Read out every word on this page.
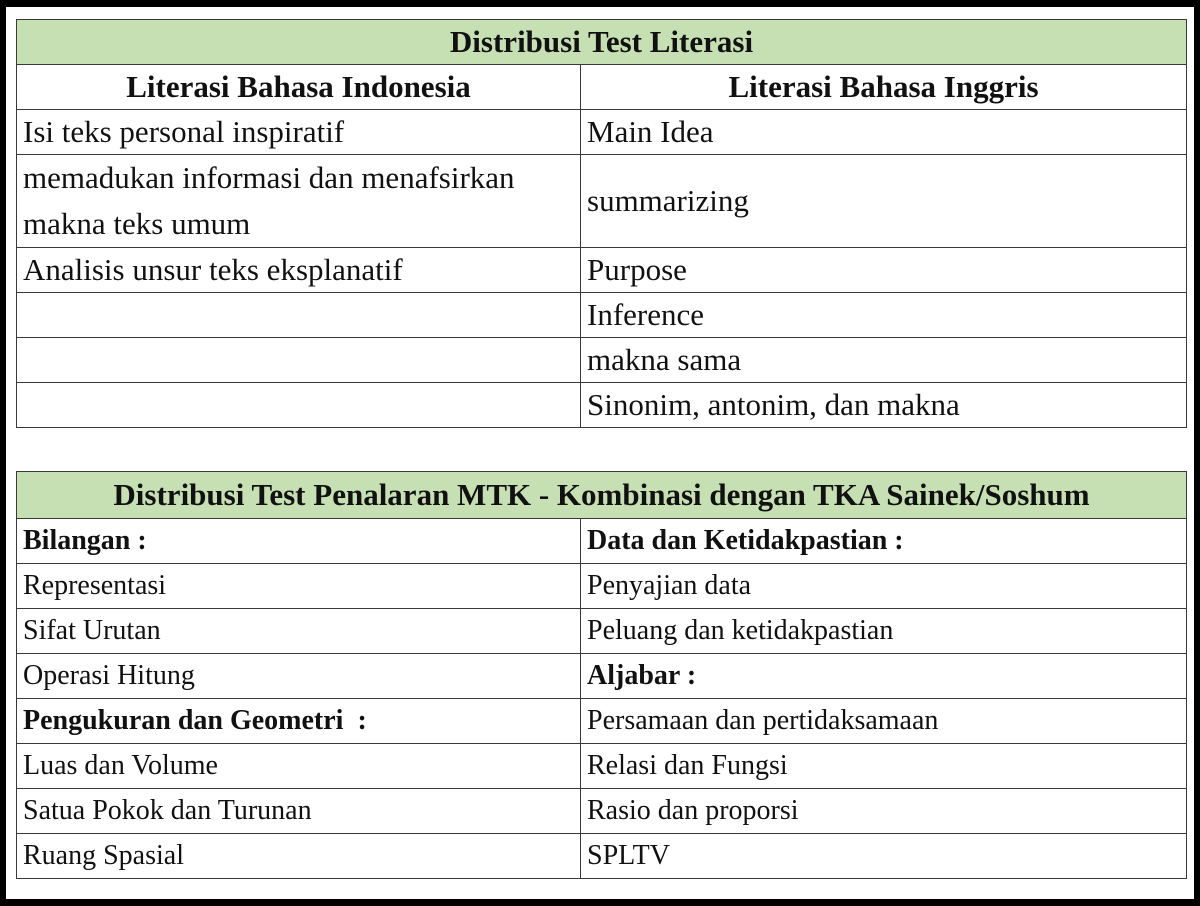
Distribusi Test Literasi	
Literasi Bahasa Indonesia	Literasi Bahasa Inggris
Isi teks personal inspiratif	Main Idea
memadukan informasi dan menafsirkan makna teks umum	summarizing
Analisis unsur teks eksplanatif	Purpose
	Inference
	makna sama
	Sinonim, antonim, dan makna
Distribusi Test Penalaran MTK - Kombinasi dengan TKA Sainek/Soshum	
Bilangan :	Data dan Ketidakpastian :
Representasi	Penyajian data
Sifat Urutan	Peluang dan ketidakpastian
Operasi Hitung	Aljabar :
Pengukuran dan Geometri  :	Persamaan dan pertidaksamaan
Luas dan Volume	Relasi dan Fungsi
Satua Pokok dan Turunan	Rasio dan proporsi
Ruang Spasial	SPLTV
